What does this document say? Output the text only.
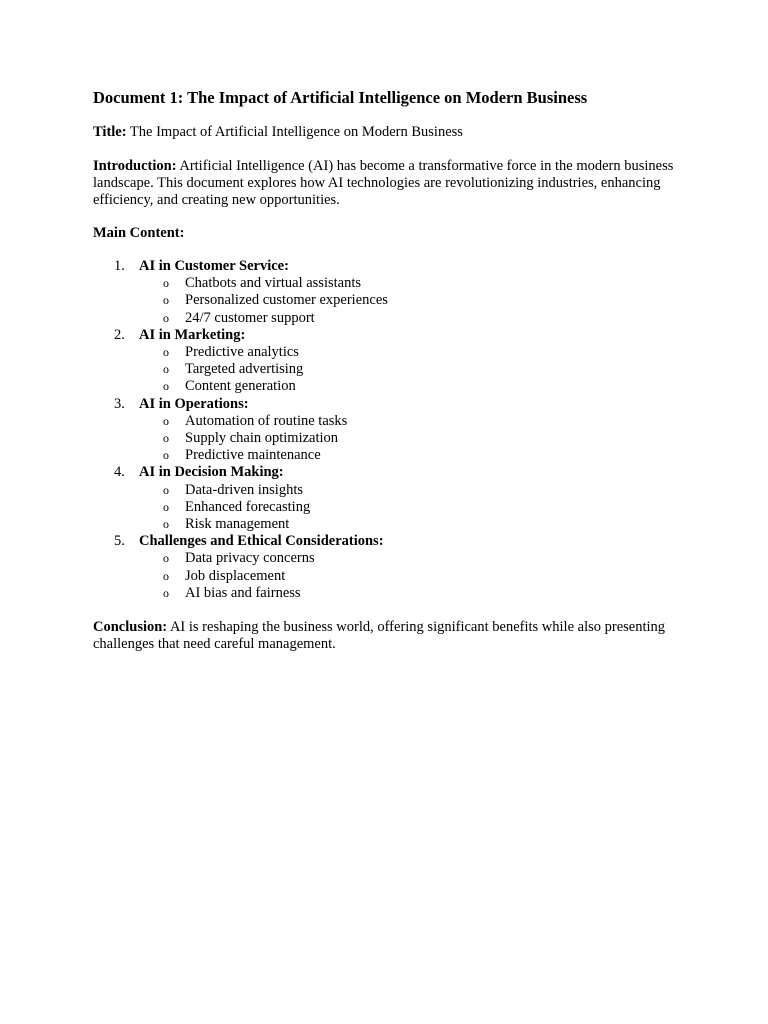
Document 1: The Impact of Artificial Intelligence on Modern Business

Title: The Impact of Artificial Intelligence on Modern Business

Introduction: Artificial Intelligence (AI) has become a transformative force in the modern business landscape. This document explores how AI technologies are revolutionizing industries, enhancing efficiency, and creating new opportunities.

Main Content:

1. AI in Customer Service:
o Chatbots and virtual assistants
o Personalized customer experiences
o 24/7 customer support
2. AI in Marketing:
o Predictive analytics
o Targeted advertising
o Content generation
3. AI in Operations:
o Automation of routine tasks
o Supply chain optimization
o Predictive maintenance
4. AI in Decision Making:
o Data-driven insights
o Enhanced forecasting
o Risk management
5. Challenges and Ethical Considerations:
o Data privacy concerns
o Job displacement
o AI bias and fairness

Conclusion: AI is reshaping the business world, offering significant benefits while also presenting challenges that need careful management.
